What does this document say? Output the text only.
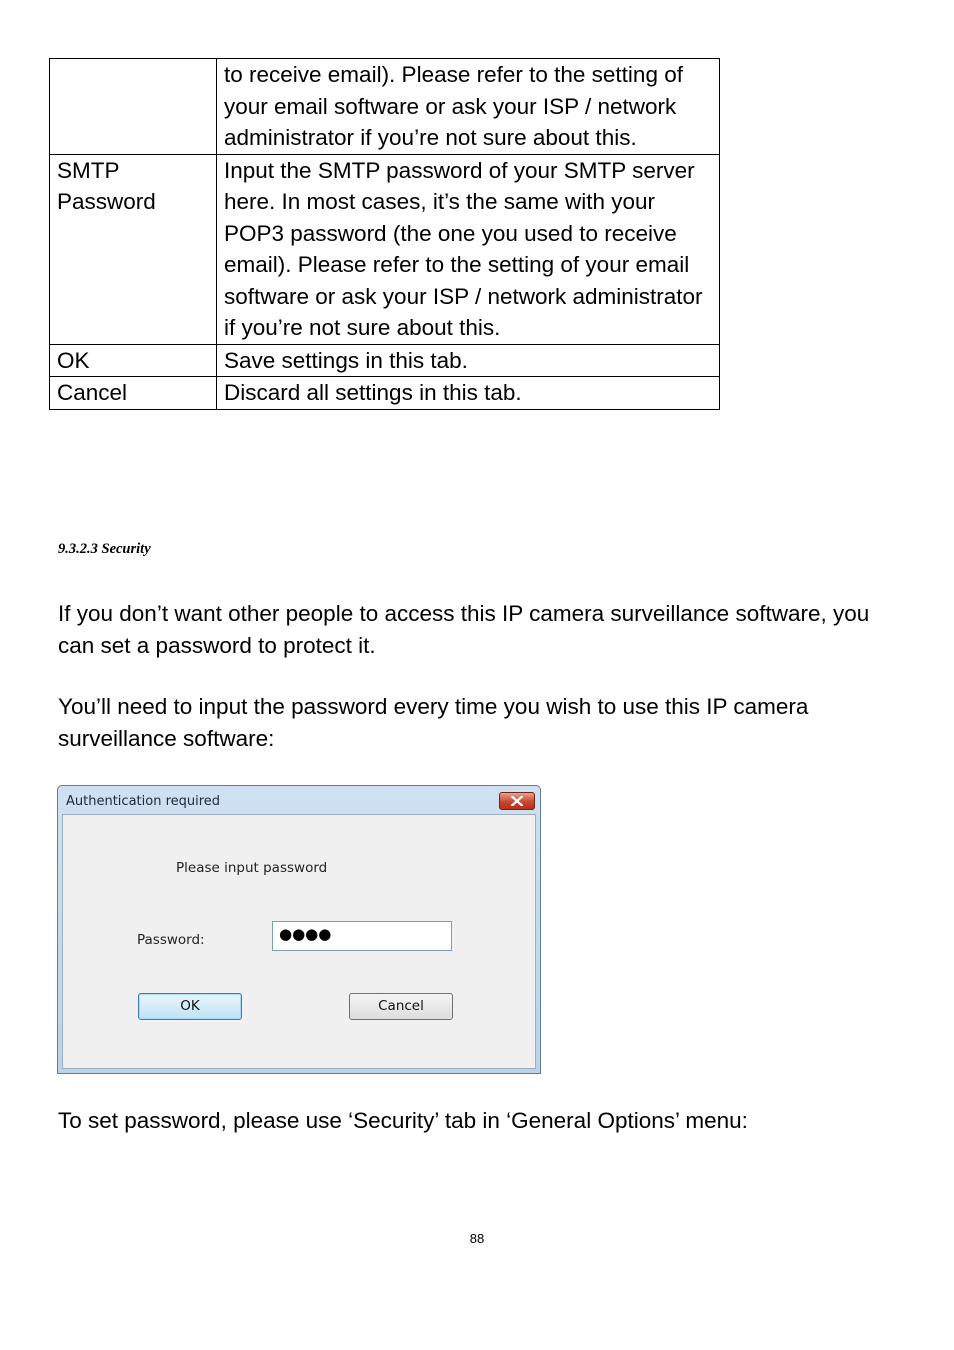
	to receive email). Please refer to the setting of your email software or ask your ISP / network administrator if you’re not sure about this.

SMTP Password	Input the SMTP password of your SMTP server here. In most cases, it’s the same with your POP3 password (the one you used to receive email). Please refer to the setting of your email software or ask your ISP / network administrator if you’re not sure about this.
OK	Save settings in this tab.
Cancel	Discard all settings in this tab.
9.3.2.3 Security

If you don’t want other people to access this IP camera surveillance software, you can set a password to protect it.

You’ll need to input the password every time you wish to use this IP camera surveillance software:

Authentication required
Please input password
Password:	●●●●
OK	Cancel

To set password, please use ‘Security’ tab in ‘General Options’ menu:

88
